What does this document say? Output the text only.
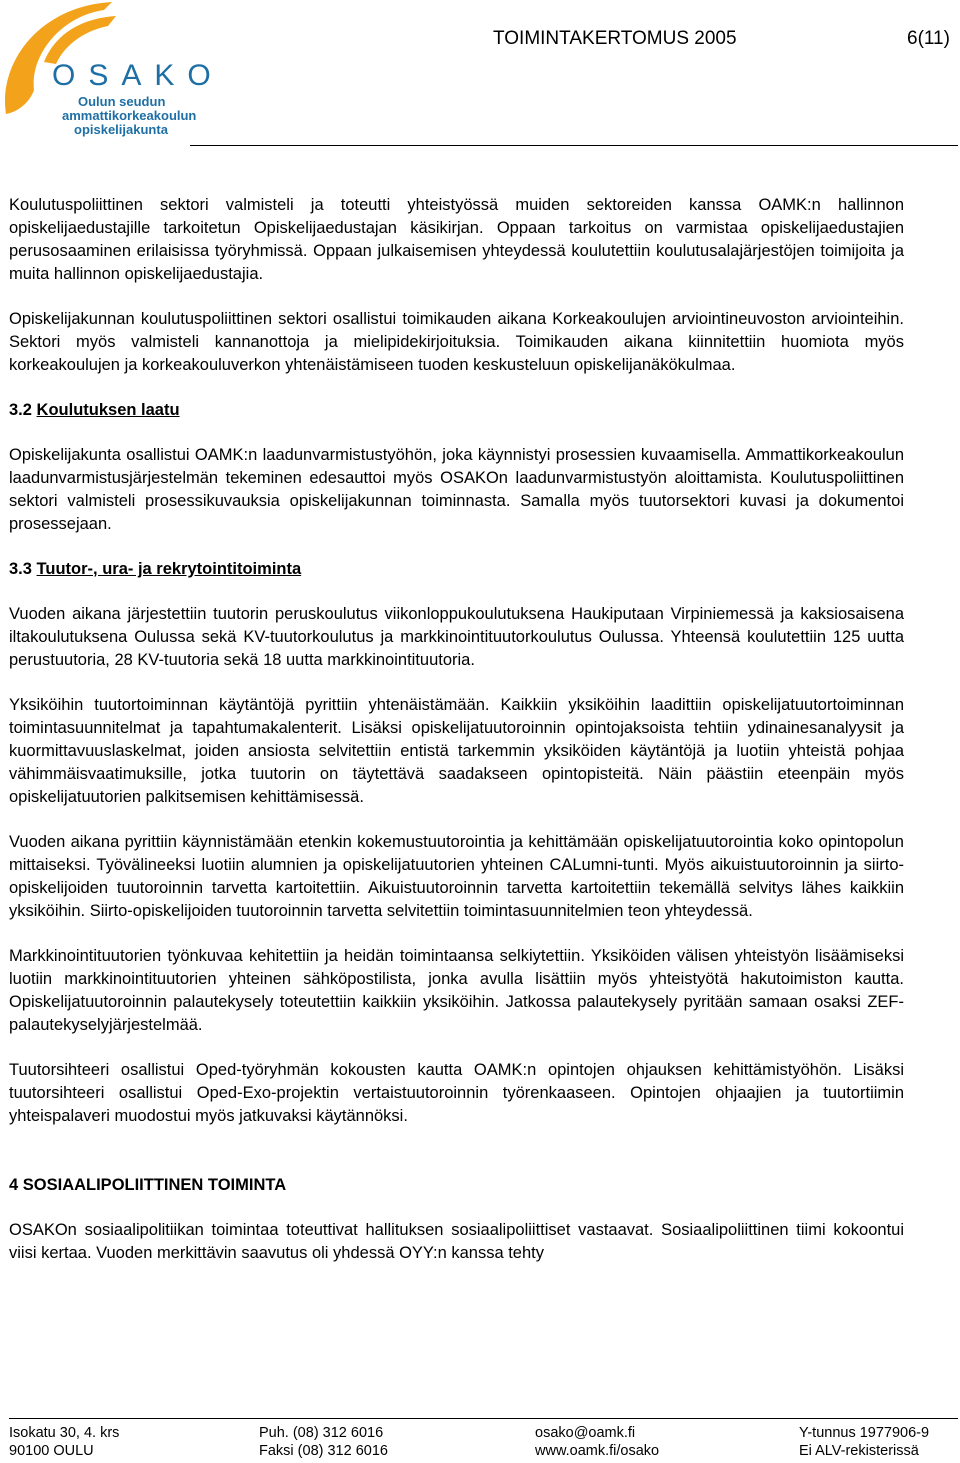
OSAKO
Oulun seudun
ammattikorkeakoulun
opiskelijakunta
TOIMINTAKERTOMUS 2005	6(11)

Koulutuspoliittinen sektori valmisteli ja toteutti yhteistyössä muiden sektoreiden kanssa OAMK:n hallinnon opiskelijaedustajille tarkoitetun Opiskelijaedustajan käsikirjan. Oppaan tarkoitus on varmistaa opiskelijaedustajien perusosaaminen erilaisissa työryhmissä. Oppaan julkaisemisen yhteydessä koulutettiin koulutusalajärjestöjen toimijoita ja muita hallinnon opiskelijaedustajia.

Opiskelijakunnan koulutuspoliittinen sektori osallistui toimikauden aikana Korkeakoulujen arviointineuvoston arviointeihin. Sektori myös valmisteli kannanottoja ja mielipidekirjoituksia. Toimikauden aikana kiinnitettiin huomiota myös korkeakoulujen ja korkeakouluverkon yhtenäistämiseen tuoden keskusteluun opiskelijanäkökulmaa.

3.2 Koulutuksen laatu

Opiskelijakunta osallistui OAMK:n laadunvarmistustyöhön, joka käynnistyi prosessien kuvaamisella. Ammattikorkeakoulun laadunvarmistusjärjestelmän tekeminen edesauttoi myös OSAKOn laadunvarmistustyön aloittamista. Koulutuspoliittinen sektori valmisteli prosessikuvauksia opiskelijakunnan toiminnasta. Samalla myös tuutorsektori kuvasi ja dokumentoi prosessejaan.

3.3 Tuutor-, ura- ja rekrytointitoiminta

Vuoden aikana järjestettiin tuutorin peruskoulutus viikonloppukoulutuksena Haukiputaan Virpiniemessä ja kaksiosaisena iltakoulutuksena Oulussa sekä KV-tuutorkoulutus ja markkinointituutorkoulutus Oulussa. Yhteensä koulutettiin 125 uutta perustuutoria, 28 KV-tuutoria sekä 18 uutta markkinointituutoria.

Yksiköihin tuutortoiminnan käytäntöjä pyrittiin yhtenäistämään. Kaikkiin yksiköihin laadittiin opiskelijatuutortoiminnan toimintasuunnitelmat ja tapahtumakalenterit. Lisäksi opiskelijatuutoroinnin opintojaksoista tehtiin ydinainesanalyysit ja kuormittavuuslaskelmat, joiden ansiosta selvitettiin entistä tarkemmin yksiköiden käytäntöjä ja luotiin yhteistä pohjaa vähimmäisvaatimuksille, jotka tuutorin on täytettävä saadakseen opintopisteitä. Näin päästiin eteenpäin myös opiskelijatuutorien palkitsemisen kehittämisessä.

Vuoden aikana pyrittiin käynnistämään etenkin kokemustuutorointia ja kehittämään opiskelijatuutorointia koko opintopolun mittaiseksi. Työvälineeksi luotiin alumnien ja opiskelijatuutorien yhteinen CALumni-tunti. Myös aikuistuutoroinnin ja siirto-opiskelijoiden tuutoroinnin tarvetta kartoitettiin. Aikuistuutoroinnin tarvetta kartoitettiin tekemällä selvitys lähes kaikkiin yksiköihin. Siirto-opiskelijoiden tuutoroinnin tarvetta selvitettiin toimintasuunnitelmien teon yhteydessä.

Markkinointituutorien työnkuvaa kehitettiin ja heidän toimintaansa selkiytettiin. Yksiköiden välisen yhteistyön lisäämiseksi luotiin markkinointituutorien yhteinen sähköpostilista, jonka avulla lisättiin myös yhteistyötä hakutoimiston kautta. Opiskelijatuutoroinnin palautekysely toteutettiin kaikkiin yksiköihin. Jatkossa palautekysely pyritään samaan osaksi ZEF-palautekyselyjärjestelmää.

Tuutorsihteeri osallistui Oped-työryhmän kokousten kautta OAMK:n opintojen ohjauksen kehittämistyöhön. Lisäksi tuutorsihteeri osallistui Oped-Exo-projektin vertaistuutoroinnin työrenkaaseen. Opintojen ohjaajien ja tuutortiimin yhteispalaveri muodostui myös jatkuvaksi käytännöksi.

4 SOSIAALIPOLIITTINEN TOIMINTA

OSAKOn sosiaalipolitiikan toimintaa toteuttivat hallituksen sosiaalipoliittiset vastaavat. Sosiaalipoliittinen tiimi kokoontui viisi kertaa. Vuoden merkittävin saavutus oli yhdessä OYY:n kanssa tehty

Isokatu 30, 4. krs
90100 OULU
Puh. (08) 312 6016
Faksi (08) 312 6016
osako@oamk.fi
www.oamk.fi/osako
Y-tunnus 1977906-9
Ei ALV-rekisterissä
